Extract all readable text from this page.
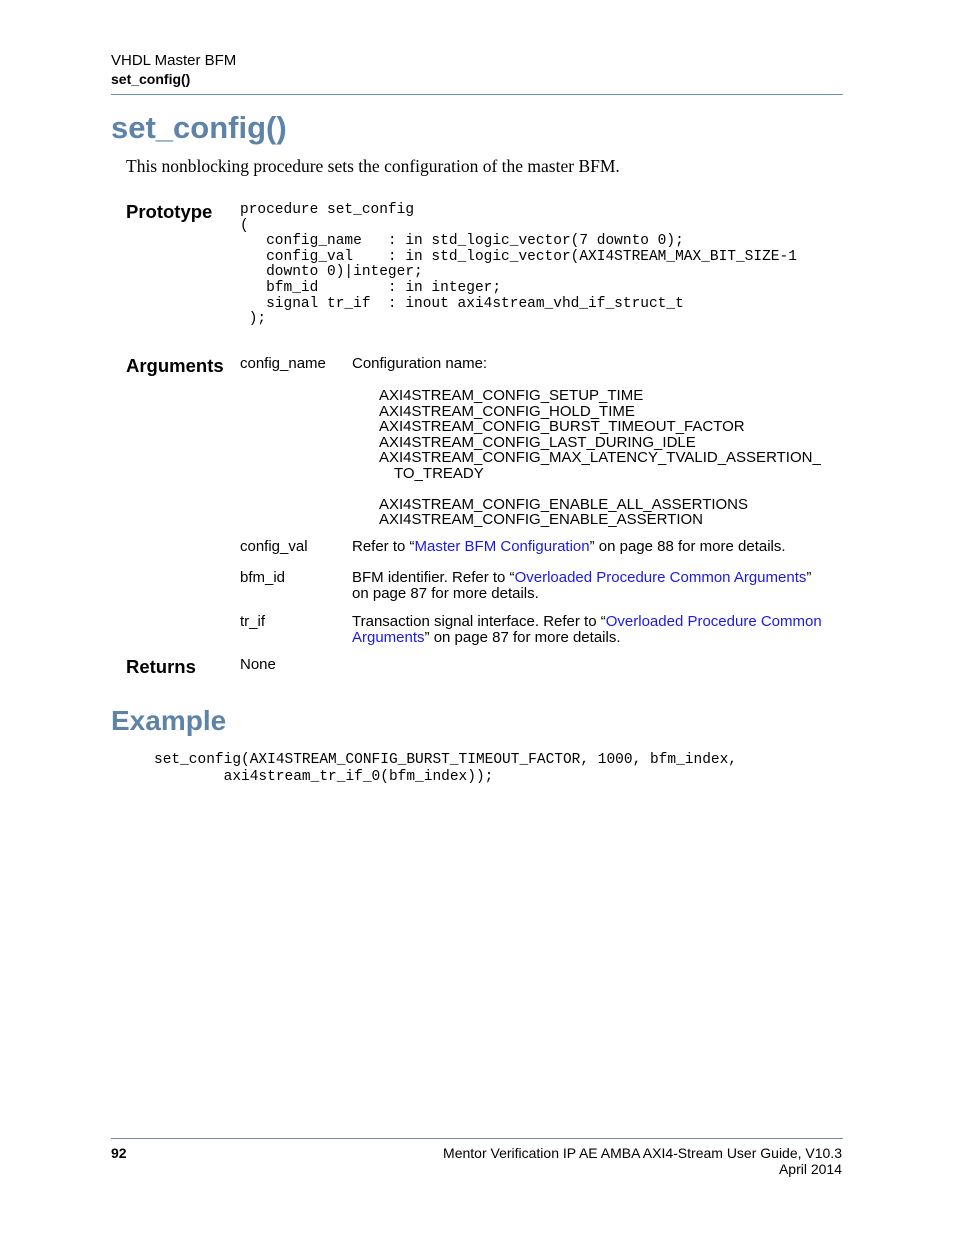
VHDL Master BFM
set_config()
set_config()
This nonblocking procedure sets the configuration of the master BFM.
Prototype procedure set_config
(
config_name   : in std_logic_vector(7 downto 0);
config_val    : in std_logic_vector(AXI4STREAM_MAX_BIT_SIZE-1
downto 0)|integer;
bfm_id        : in integer;
signal tr_if  : inout axi4stream_vhd_if_struct_t
);
Arguments config_name Configuration name:
AXI4STREAM_CONFIG_SETUP_TIME
AXI4STREAM_CONFIG_HOLD_TIME
AXI4STREAM_CONFIG_BURST_TIMEOUT_FACTOR
AXI4STREAM_CONFIG_LAST_DURING_IDLE
AXI4STREAM_CONFIG_MAX_LATENCY_TVALID_ASSERTION_
TO_TREADY
AXI4STREAM_CONFIG_ENABLE_ALL_ASSERTIONS
AXI4STREAM_CONFIG_ENABLE_ASSERTION
config_val	Refer to “Master BFM Configuration” on page 88 for more details.
bfm_id	BFM identifier. Refer to “Overloaded Procedure Common Arguments”
on page 87 for more details.
tr_if	Transaction signal interface. Refer to “Overloaded Procedure Common
Arguments” on page 87 for more details.
Returns	None
Example
set_config(AXI4STREAM_CONFIG_BURST_TIMEOUT_FACTOR, 1000, bfm_index,
axi4stream_tr_if_0(bfm_index));
92	Mentor Verification IP AE AMBA AXI4-Stream User Guide, V10.3
April 2014
